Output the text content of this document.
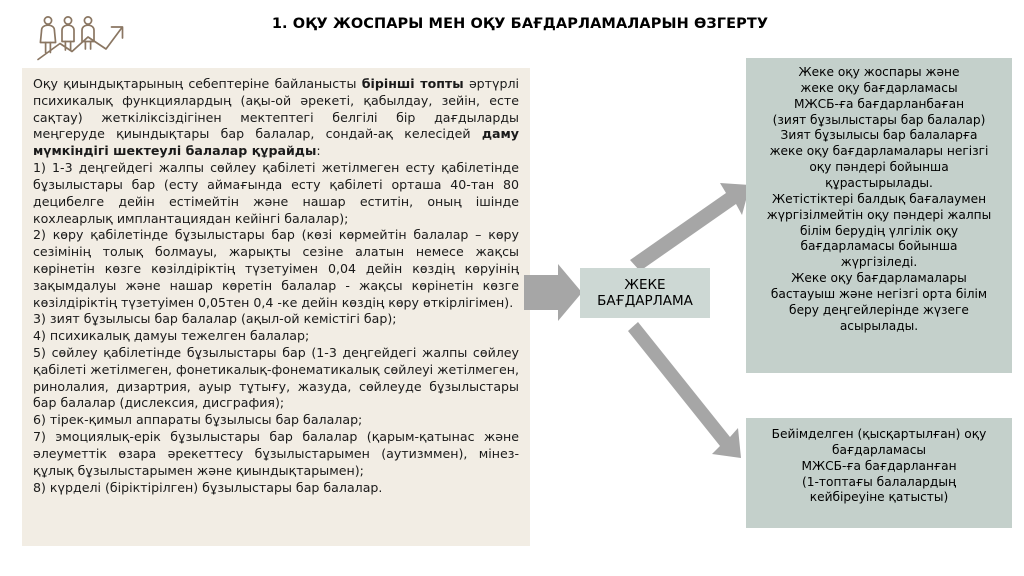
1. ОҚУ ЖОСПАРЫ МЕН ОҚУ БАҒДАРЛАМАЛАРЫН ӨЗГЕРТУ

Оқу қиындықтарының себептеріне байланысты бірінші топты әртүрлі психикалық функциялардың (ақы-ой әрекеті, қабылдау, зейін, есте сақтау) жеткіліксіздігінен мектептегі белгілі бір дағдыларды меңгеруде қиындықтары бар балалар, сондай-ақ келесідей даму мүмкіндігі шектеулі балалар құрайды:

1) 1-3 деңгейдегі жалпы сөйлеу қабілеті жетілмеген есту қабілетінде бұзылыстары бар (есту аймағында есту қабілеті орташа 40-тан 80 децибелге дейін естімейтін және нашар еститін, оның ішінде кохлеарлық имплантациядан кейінгі балалар);

2) көру қабілетінде бұзылыстары бар (көзі көрмейтін балалар – көру сезімінің толық болмауы, жарықты сезіне алатын немесе жақсы көрінетін көзге көзілдіріктің түзетуімен 0,04 дейін көздің көруінің зақымдалуы және нашар көретін балалар - жақсы көрінетін көзге көзілдіріктің түзетуімен 0,05тен 0,4 -ке дейін көздің көру өткірлігімен).

3) зият бұзылысы бар балалар (ақыл-ой кемістігі бар);

4) психикалық дамуы тежелген балалар;

5) сөйлеу қабілетінде бұзылыстары бар (1-3 деңгейдегі жалпы сөйлеу қабілеті жетілмеген, фонетикалық-фонематикалық сөйлеуі жетілмеген, ринолалия, дизартрия, ауыр тұтығу, жазуда, сөйлеуде бұзылыстары бар балалар (дислексия, дисграфия);

6) тірек-қимыл аппараты бұзылысы бар балалар;

7) эмоциялық-ерік бұзылыстары бар балалар (қарым-қатынас және әлеуметтік өзара әрекеттесу бұзылыстарымен (аутизммен), мінез-құлық бұзылыстарымен және қиындықтарымен);

8) күрделі (біріктірілген) бұзылыстары бар балалар.

ЖЕКЕ
БАҒДАРЛАМА

Жеке оқу жоспары және

жеке оқу бағдарламасы

МЖСБ-ға бағдарланбаған

(зият бұзылыстары бар балалар)

Зият бұзылысы бар балаларға

жеке оқу бағдарламалары негізгі

оқу пәндері бойынша

құрастырылады.

Жетістіктері балдық бағалаумен

жүргізілмейтін оқу пәндері жалпы

білім берудің үлгілік оқу

бағдарламасы бойынша

жүргізіледі.

Жеке оқу бағдарламалары

бастауыш және негізгі орта білім

беру деңгейлерінде жүзеге

асырылады.

Бейімделген (қысқартылған) оқу

бағдарламасы

МЖСБ-ға бағдарланған

(1-топтағы балалардың

кейбіреуіне қатысты)
